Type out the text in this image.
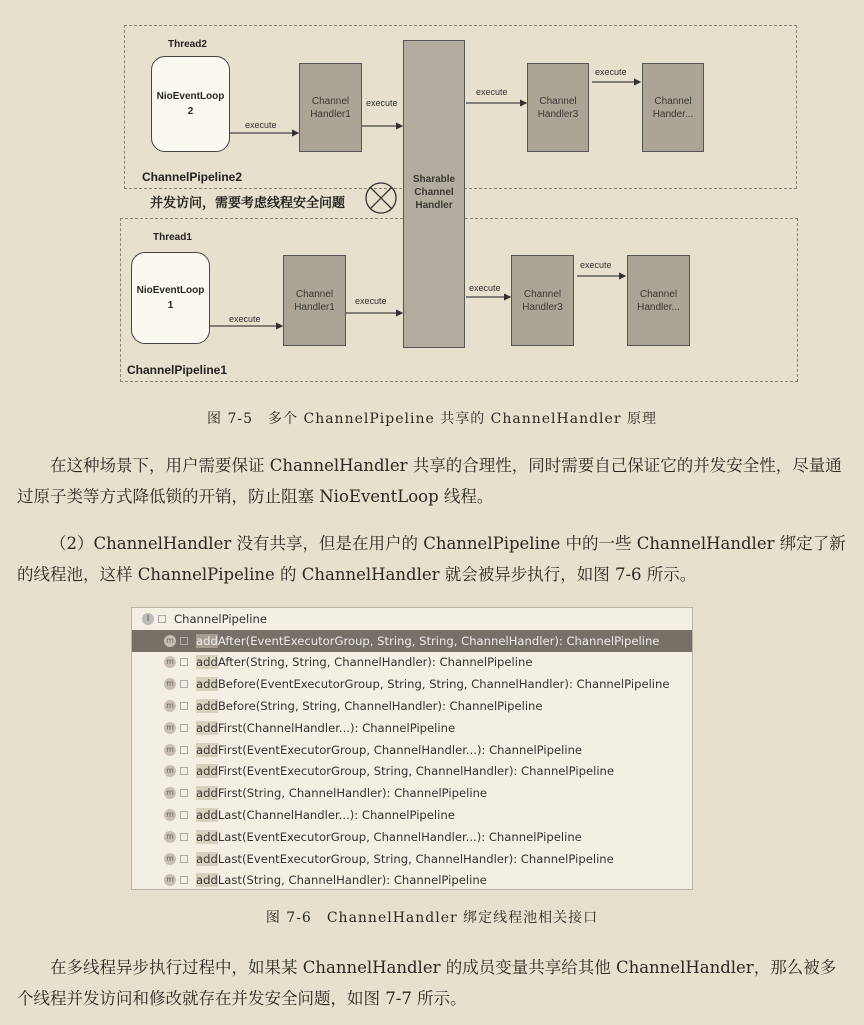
Sharable
Channel
Handler
Thread2
NioEventLoop
2
Channel
Handler1
Channel
Handler3
Channel
Hander...
execute
execute
execute
execute
ChannelPipeline2
并发访问，需要考虑线程安全问题
Thread1
NioEventLoop
1
Channel
Handler1
Channel
Handler3
Channel
Handler...
execute
execute
execute
execute
ChannelPipeline1
图 7-5　多个 ChannelPipeline 共享的 ChannelHandler 原理

在这种场景下，用户需要保证 ChannelHandler 共享的合理性，同时需要自己保证它的并发安全性，尽量通过原子类等方式降低锁的开销，防止阻塞 NioEventLoop 线程。

（2）ChannelHandler 没有共享，但是在用户的 ChannelPipeline 中的一些 ChannelHandler 绑定了新的线程池，这样 ChannelPipeline 的 ChannelHandler 就会被异步执行，如图 7-6 所示。

I	ChannelPipeline
m add After(EventExecutorGroup, String, String, ChannelHandler): ChannelPipeline
m add After(String, String, ChannelHandler): ChannelPipeline
m add Before(EventExecutorGroup, String, String, ChannelHandler): ChannelPipeline
m add Before(String, String, ChannelHandler): ChannelPipeline
m add First(ChannelHandler...): ChannelPipeline
m add First(EventExecutorGroup, ChannelHandler...): ChannelPipeline
m add First(EventExecutorGroup, String, ChannelHandler): ChannelPipeline
m add First(String, ChannelHandler): ChannelPipeline
m add Last(ChannelHandler...): ChannelPipeline
m add Last(EventExecutorGroup, ChannelHandler...): ChannelPipeline
m add Last(EventExecutorGroup, String, ChannelHandler): ChannelPipeline
m add Last(String, ChannelHandler): ChannelPipeline
图 7-6　ChannelHandler 绑定线程池相关接口

在多线程异步执行过程中，如果某 ChannelHandler 的成员变量共享给其他 ChannelHandler，那么被多个线程并发访问和修改就存在并发安全问题，如图 7-7 所示。
